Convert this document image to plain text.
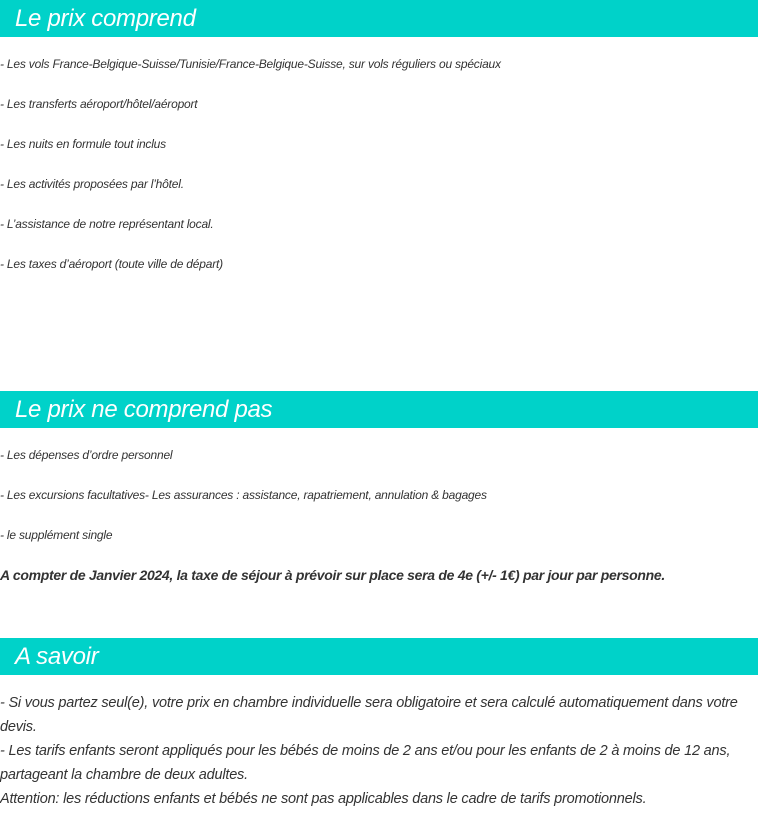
Le prix comprend

- Les vols France-Belgique-Suisse/Tunisie/France-Belgique-Suisse, sur vols réguliers ou spéciaux

- Les transferts aéroport/hôtel/aéroport

- Les nuits en formule tout inclus

- Les activités proposées par l’hôtel.

- L’assistance de notre représentant local.

- Les taxes d’aéroport (toute ville de départ)

Le prix ne comprend pas

- Les dépenses d’ordre personnel

- Les excursions facultatives- Les assurances : assistance, rapatriement, annulation & bagages

- le supplément single

A compter de Janvier 2024, la taxe de séjour à prévoir sur place sera de 4e (+/- 1€) par jour par personne.

A savoir

- Si vous partez seul(e), votre prix en chambre individuelle sera obligatoire et sera calculé automatiquement dans votre devis.

- Les tarifs enfants seront appliqués pour les bébés de moins de 2 ans et/ou pour les enfants de 2 à moins de 12 ans, partageant la chambre de deux adultes.

Attention: les réductions enfants et bébés ne sont pas applicables dans le cadre de tarifs promotionnels.
